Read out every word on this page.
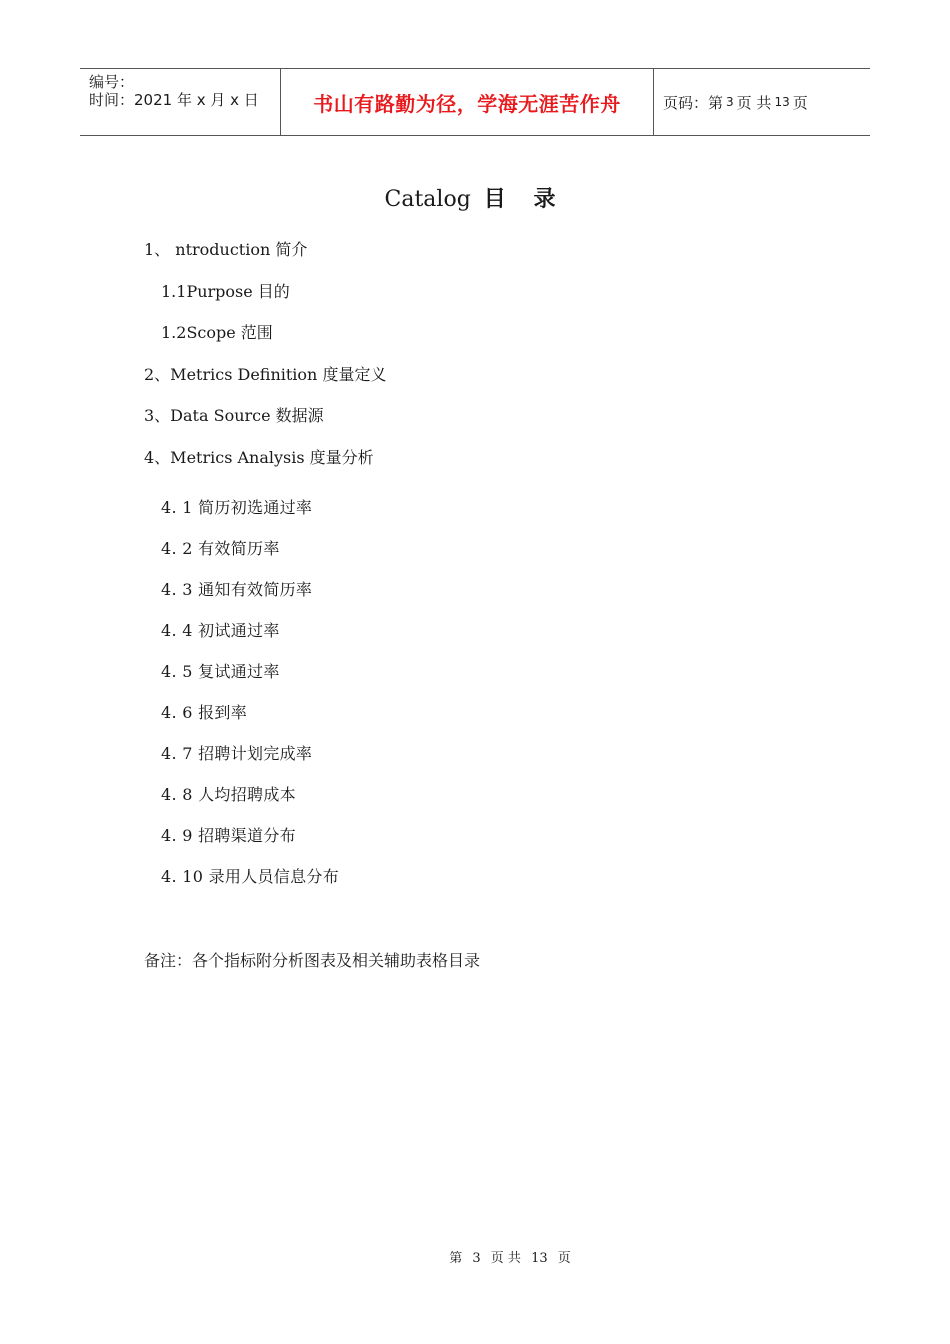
编号：
时间：2021 年 x 月 x 日	书山有路勤为径，学海无涯苦作舟	页码：第 3 页 共 13 页
Catalog 目 录
1、 ntroduction 简介
1.1Purpose 目的
1.2Scope 范围
2、Metrics Definition 度量定义
3、Data Source 数据源
4、Metrics Analysis 度量分析
4. 1 简历初选通过率
4. 2 有效简历率
4. 3 通知有效简历率
4. 4 初试通过率
4. 5 复试通过率
4. 6 报到率
4. 7 招聘计划完成率
4. 8 人均招聘成本
4. 9 招聘渠道分布
4. 10 录用人员信息分布
备注：各个指标附分析图表及相关辅助表格目录
第 3 页 共 13 页
